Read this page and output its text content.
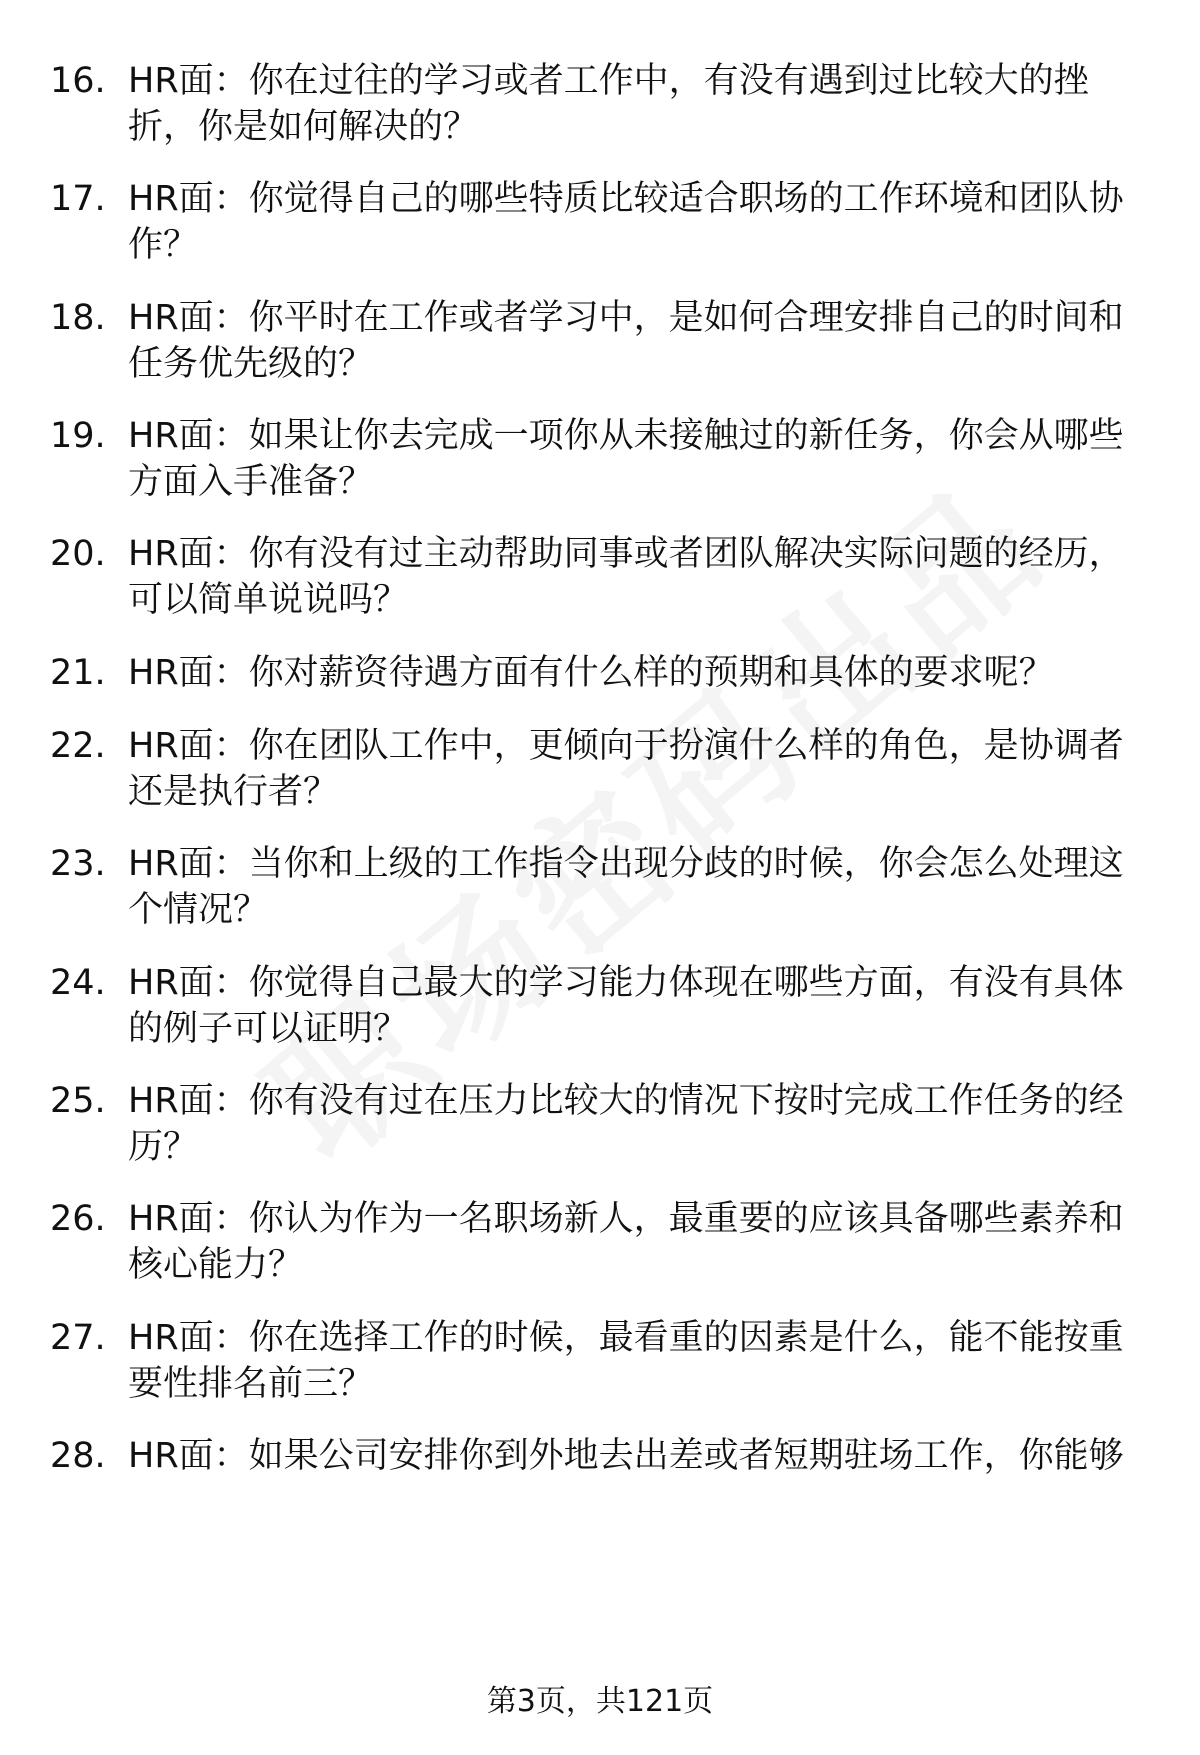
16. HR面：你在过往的学习或者工作中，有没有遇到过比较大的挫折，你是如何解决的？
17. HR面：你觉得自己的哪些特质比较适合职场的工作环境和团队协作？
18. HR面：你平时在工作或者学习中，是如何合理安排自己的时间和任务优先级的？
19. HR面：如果让你去完成一项你从未接触过的新任务，你会从哪些方面入手准备？
20. HR面：你有没有过主动帮助同事或者团队解决实际问题的经历，可以简单说说吗？
21. HR面：你对薪资待遇方面有什么样的预期和具体的要求呢？
22. HR面：你在团队工作中，更倾向于扮演什么样的角色，是协调者还是执行者？
23. HR面：当你和上级的工作指令出现分歧的时候，你会怎么处理这个情况？
24. HR面：你觉得自己最大的学习能力体现在哪些方面，有没有具体的例子可以证明？
25. HR面：你有没有过在压力比较大的情况下按时完成工作任务的经历？
26. HR面：你认为作为一名职场新人，最重要的应该具备哪些素养和核心能力？
27. HR面：你在选择工作的时候，最看重的因素是什么，能不能按重要性排名前三？
28. HR面：如果公司安排你到外地去出差或者短期驻场工作，你能够
第3页，共121页
